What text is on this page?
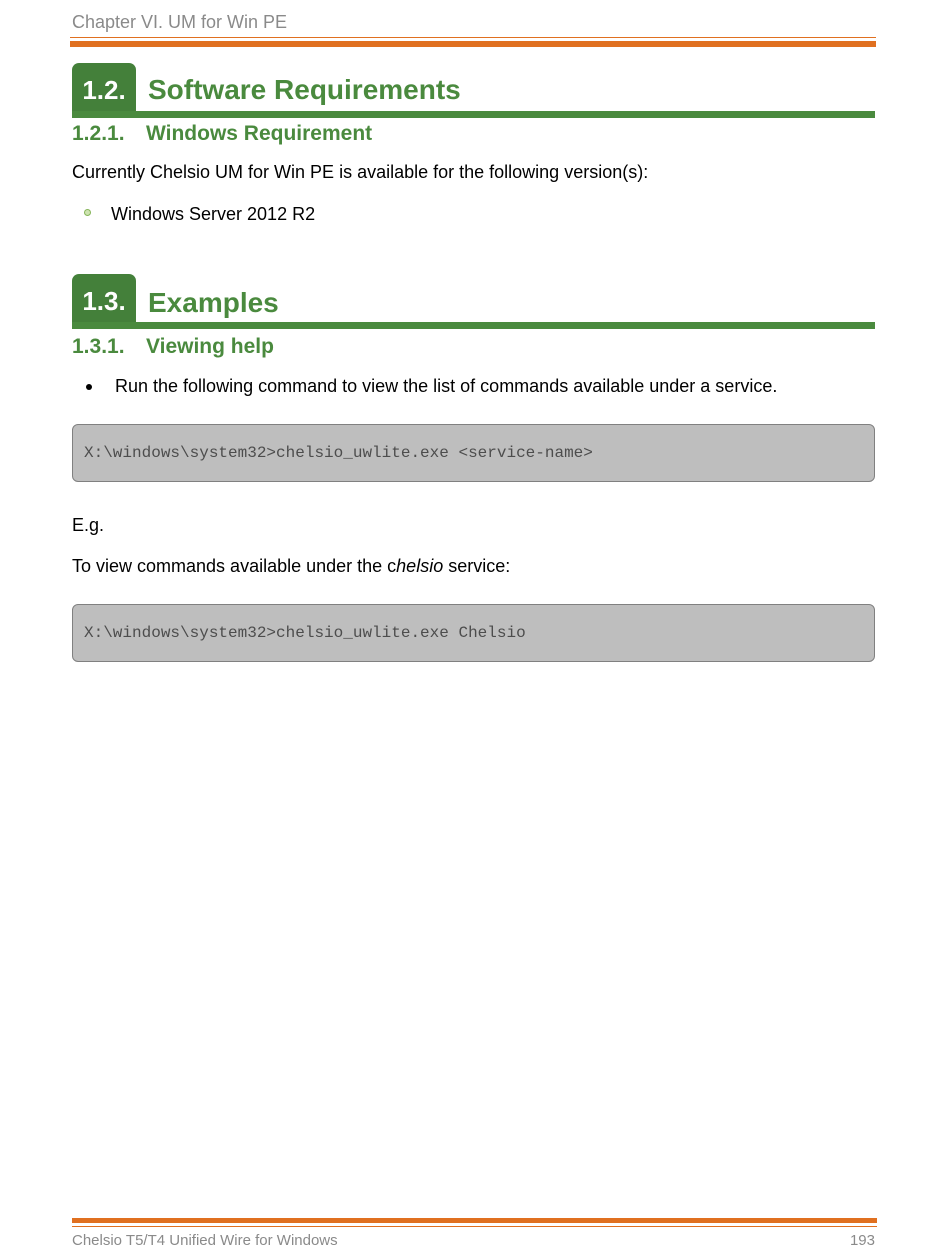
Chapter VI. UM for Win PE
1.2. Software Requirements
1.2.1. Windows Requirement
Currently Chelsio UM for Win PE is available for the following version(s):
Windows Server 2012 R2
1.3. Examples
1.3.1. Viewing help
Run the following command to view the list of commands available under a service.
X:\windows\system32>chelsio_uwlite.exe <service-name>
E.g.
To view commands available under the chelsio service:
X:\windows\system32>chelsio_uwlite.exe Chelsio
Chelsio T5/T4 Unified Wire for Windows	193
